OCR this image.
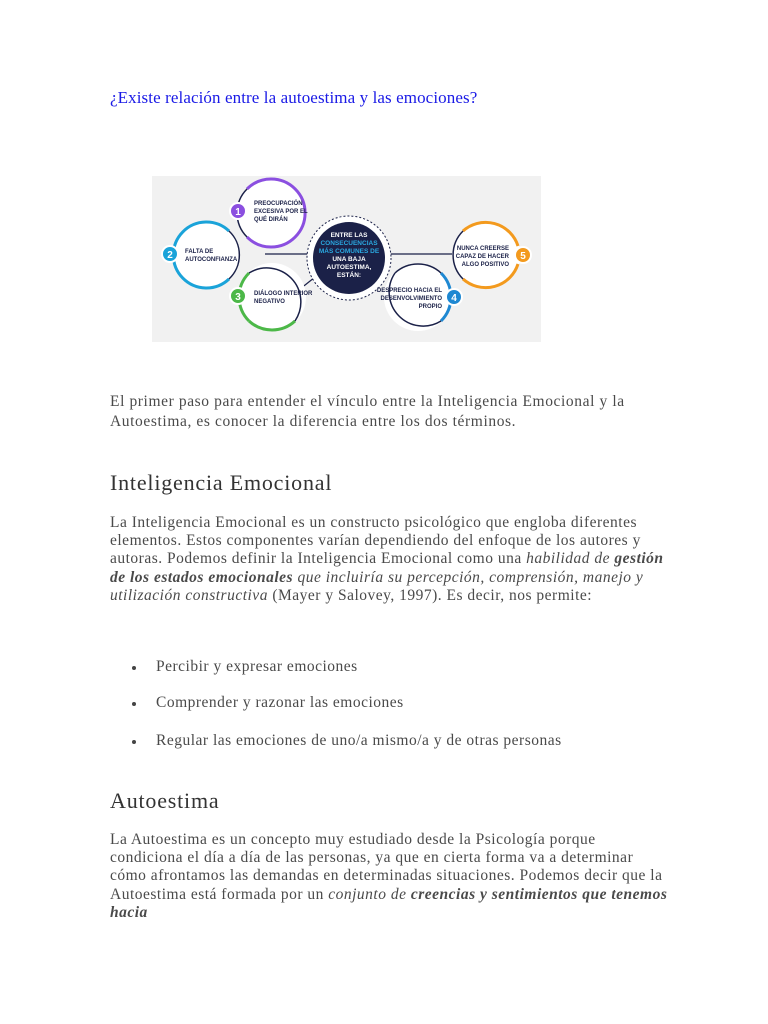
¿Existe relación entre la autoestima y las emociones?
El primer paso para entender el vínculo entre la Inteligencia Emocional y la Autoestima, es conocer la diferencia entre los dos términos.
Inteligencia Emocional
La Inteligencia Emocional es un constructo psicológico que engloba diferentes elementos. Estos componentes varían dependiendo del enfoque de los autores y autoras. Podemos definir la Inteligencia Emocional como una habilidad de gestión de los estados emocionales que incluiría su percepción, comprensión, manejo y utilización constructiva (Mayer y Salovey, 1997). Es decir, nos permite:
Percibir y expresar emociones
Comprender y razonar las emociones
Regular las emociones de uno/a mismo/a y de otras personas
Autoestima
La Autoestima es un concepto muy estudiado desde la Psicología porque condiciona el día a día de las personas, ya que en cierta forma va a determinar cómo afrontamos las demandas en determinadas situaciones. Podemos decir que la Autoestima está formada por un conjunto de creencias y sentimientos que tenemos hacia
1
PREOCUPACIÓN
EXCESIVA POR EL
QUÉ DIRÁN
2 FALTA DE
AUTOCONFIANZA
3 DIÁLOGO INTERIOR
NEGATIVO
ENTRE LAS
CONSECUENCIAS
MÁS COMUNES DE
UNA BAJA
AUTOESTIMA,
ESTÁN:
4
DESPRECIO HACIA EL
DESENVOLVIMIENTO
PROPIO
5
NUNCA CREERSE
CAPAZ DE HACER
ALGO POSITIVO
